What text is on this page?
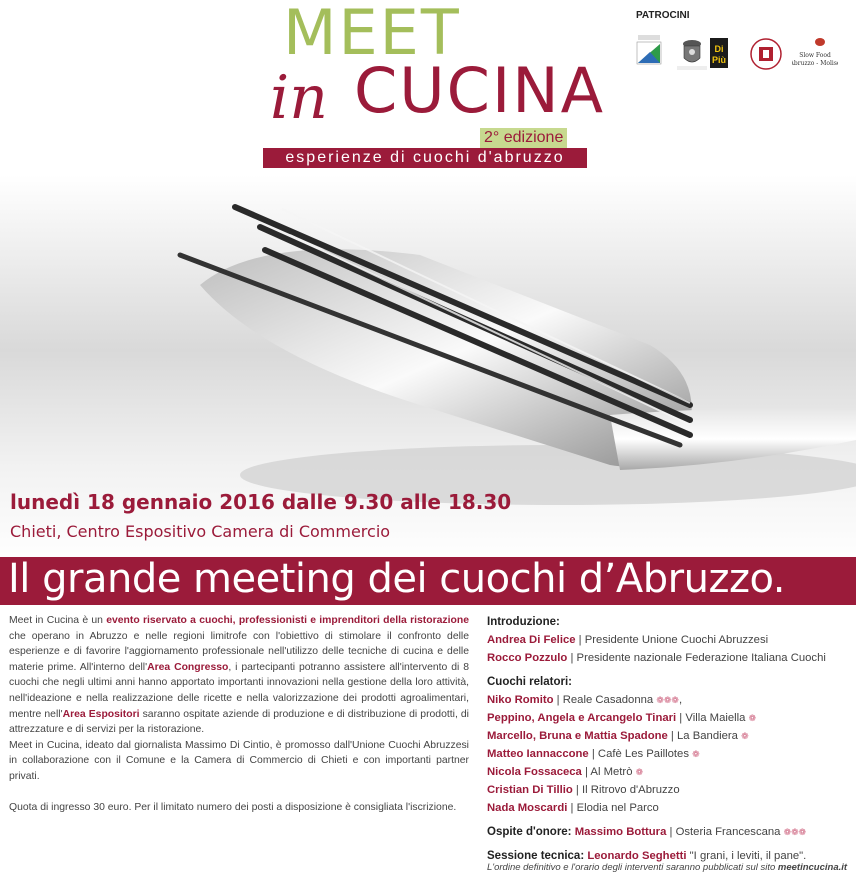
MEET
in CUCINA
2° edizione
esperienze di cuochi d'abruzzo
PATROCINI
Di
Più	Slow Food
Abruzzo - Molise
lunedì 18 gennaio 2016 dalle 9.30 alle 18.30
Chieti, Centro Espositivo Camera di Commercio
Il grande meeting dei cuochi d’Abruzzo.

Meet in Cucina è un evento riservato a cuochi, professionisti e imprenditori della ristorazione che operano in Abruzzo e nelle regioni limitrofe con l'obiettivo di stimolare il confronto delle esperienze e di favorire l'aggiornamento professionale nell'utilizzo delle tecniche di cucina e delle materie prime. All'interno dell'Area Congresso, i partecipanti potranno assistere all'intervento di 8 cuochi che negli ultimi anni hanno apportato importanti innovazioni nella gestione della loro attività, nell'ideazione e nella realizzazione delle ricette e nella valorizzazione dei prodotti agroalimentari, mentre nell'Area Espositori saranno ospitate aziende di produzione e di distribuzione di prodotti, di attrezzature e di servizi per la ristorazione.

Meet in Cucina, ideato dal giornalista Massimo Di Cintio, è promosso dall'Unione Cuochi Abruzzesi in collaborazione con il Comune e la Camera di Commercio di Chieti e con importanti partner privati.

Quota di ingresso 30 euro. Per il limitato numero dei posti a disposizione è consigliata l'iscrizione.

Introduzione:
Andrea Di Felice | Presidente Unione Cuochi Abruzzesi
Rocco Pozzulo | Presidente nazionale Federazione Italiana Cuochi
Cuochi relatori:
Niko Romito | Reale Casadonna ❁❁❁,
Peppino, Angela e Arcangelo Tinari | Villa Maiella ❁
Marcello, Bruna e Mattia Spadone | La Bandiera ❁
Matteo Iannaccone | Cafè Les Paillotes ❁
Nicola Fossaceca | Al Metrò ❁
Cristian Di Tillio | Il Ritrovo d'Abruzzo
Nada Moscardi | Elodia nel Parco
Ospite d'onore: Massimo Bottura | Osteria Francescana ❁❁❁
Sessione tecnica: Leonardo Seghetti "I grani, i leviti, il pane".
L'ordine definitivo e l'orario degli interventi saranno pubblicati sul sito meetincucina.it
